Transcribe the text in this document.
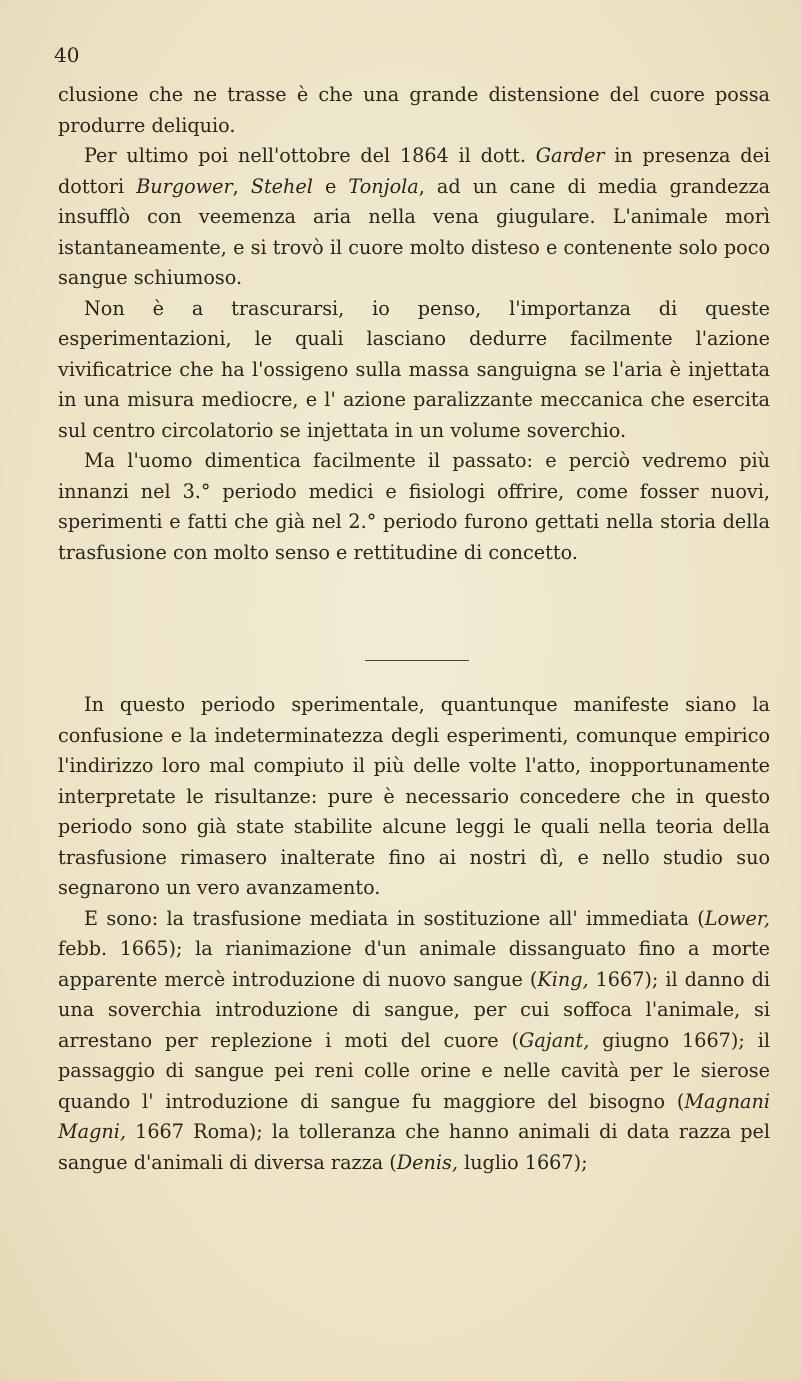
40

clusione che ne trasse è che una grande distensione del cuore possa produrre deliquio.

Per ultimo poi nell'ottobre del 1864 il dott. Garder in presenza dei dottori Burgower, Stehel e Tonjola, ad un cane di media grandezza insufflò con veemenza aria nella vena giugulare. L'animale morì istantaneamente, e si trovò il cuore molto disteso e contenente solo poco sangue schiumoso.

Non è a trascurarsi, io penso, l'importanza di queste esperimentazioni, le quali lasciano dedurre facilmente l'azione vivificatrice che ha l'ossigeno sulla massa sanguigna se l'aria è injettata in una misura mediocre, e l' azione paralizzante meccanica che esercita sul centro circolatorio se injettata in un volume soverchio.

Ma l'uomo dimentica facilmente il passato: e perciò vedremo più innanzi nel 3.° periodo medici e fisiologi offrire, come fosser nuovi, sperimenti e fatti che già nel 2.° periodo furono gettati nella storia della trasfusione con molto senso e rettitudine di concetto.

In questo periodo sperimentale, quantunque manifeste siano la confusione e la indeterminatezza degli esperimenti, comunque empirico l'indirizzo loro mal compiuto il più delle volte l'atto, inopportunamente interpretate le risultanze: pure è necessario concedere che in questo periodo sono già state stabilite alcune leggi le quali nella teoria della trasfusione rimasero inalterate fino ai nostri dì, e nello studio suo segnarono un vero avanzamento.

E sono: la trasfusione mediata in sostituzione all' immediata (Lower, febb. 1665); la rianimazione d'un animale dissanguato fino a morte apparente mercè introduzione di nuovo sangue (King, 1667); il danno di una soverchia introduzione di sangue, per cui soffoca l'animale, si arrestano per replezione i moti del cuore (Gajant, giugno 1667); il passaggio di sangue pei reni colle orine e nelle cavità per le sierose quando l' introduzione di sangue fu maggiore del bisogno (Magnani Magni, 1667 Roma); la tolleranza che hanno animali di data razza pel sangue d'animali di diversa razza (Denis, luglio 1667);
